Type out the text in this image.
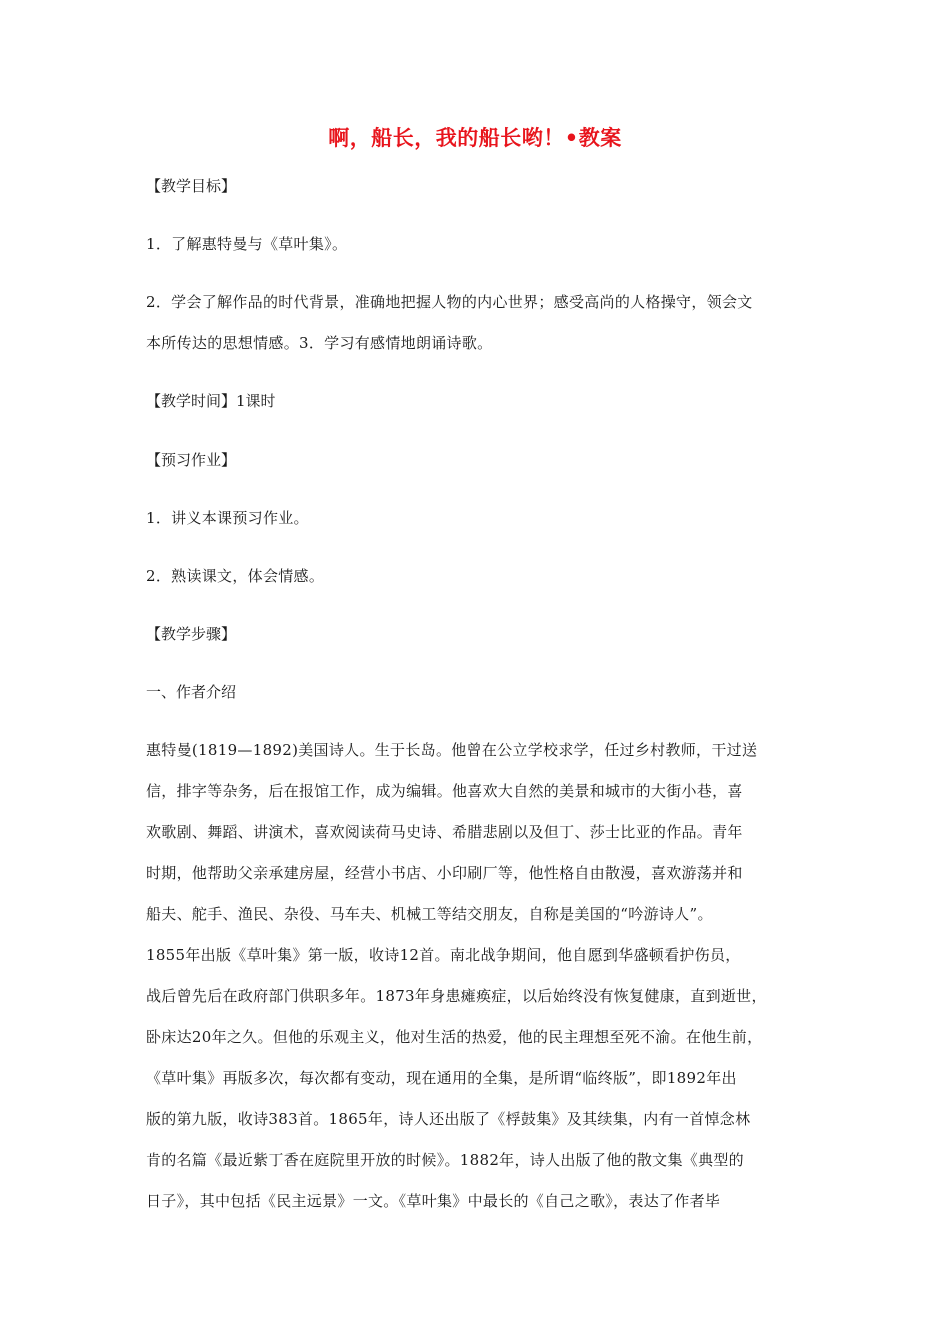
啊，船长，我的船长哟！•教案
【教学目标】
1．了解惠特曼与《草叶集》。
2．学会了解作品的时代背景，准确地把握人物的内心世界；感受高尚的人格操守，领会文
本所传达的思想情感。3．学习有感情地朗诵诗歌。
【教学时间】1课时
【预习作业】
1．讲义本课预习作业。
2．熟读课文，体会情感。
【教学步骤】
一、作者介绍
惠特曼(1819—1892)美国诗人。生于长岛。他曾在公立学校求学，任过乡村教师，干过送
信，排字等杂务，后在报馆工作，成为编辑。他喜欢大自然的美景和城市的大街小巷，喜
欢歌剧、舞蹈、讲演术，喜欢阅读荷马史诗、希腊悲剧以及但丁、莎士比亚的作品。青年
时期，他帮助父亲承建房屋，经营小书店、小印刷厂等，他性格自由散漫，喜欢游荡并和
船夫、舵手、渔民、杂役、马车夫、机械工等结交朋友，自称是美国的“吟游诗人”。
1855年出版《草叶集》第一版，收诗12首。南北战争期间，他自愿到华盛顿看护伤员，
战后曾先后在政府部门供职多年。1873年身患瘫痪症，以后始终没有恢复健康，直到逝世，
卧床达20年之久。但他的乐观主义，他对生活的热爱，他的民主理想至死不渝。在他生前，
《草叶集》再版多次，每次都有变动，现在通用的全集，是所谓“临终版”，即1892年出
版的第九版，收诗383首。1865年，诗人还出版了《桴鼓集》及其续集，内有一首悼念林
肯的名篇《最近紫丁香在庭院里开放的时候》。1882年，诗人出版了他的散文集《典型的
日子》，其中包括《民主远景》一文。《草叶集》中最长的《自己之歌》，表达了作者毕
